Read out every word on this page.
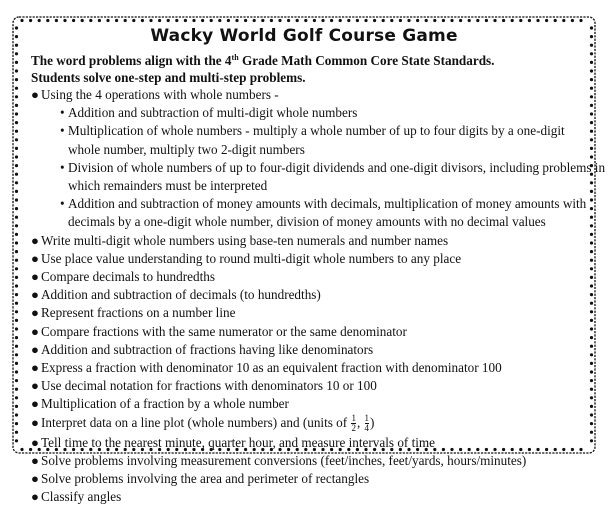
Wacky World Golf Course Game
The word problems align with the 4th Grade Math Common Core State Standards.
Students solve one-step and multi-step problems.
● Using the 4 operations with whole numbers -
• Addition and subtraction of multi-digit whole numbers
• Multiplication of whole numbers - multiply a whole number of up to four digits by a one-digit
whole number, multiply two 2-digit numbers
• Division of whole numbers of up to four-digit dividends and one-digit divisors, including problems in
which remainders must be interpreted
• Addition and subtraction of money amounts with decimals, multiplication of money amounts with
decimals by a one-digit whole number, division of money amounts with no decimal values
● Write multi-digit whole numbers using base-ten numerals and number names
● Use place value understanding to round multi-digit whole numbers to any place
● Compare decimals to hundredths
● Addition and subtraction of decimals (to hundredths)
● Represent fractions on a number line
● Compare fractions with the same numerator or the same denominator
● Addition and subtraction of fractions having like denominators
● Express a fraction with denominator 10 as an equivalent fraction with denominator 100
● Use decimal notation for fractions with denominators 10 or 100
● Multiplication of a fraction by a whole number
● Interpret data on a line plot (whole numbers) and (units of $\frac{1}{2}$ , $\frac{1}{4}$ )
● Tell time to the nearest minute, quarter hour, and measure intervals of time
● Solve problems involving measurement conversions (feet/inches, feet/yards, hours/minutes)
● Solve problems involving the area and perimeter of rectangles
● Classify angles
